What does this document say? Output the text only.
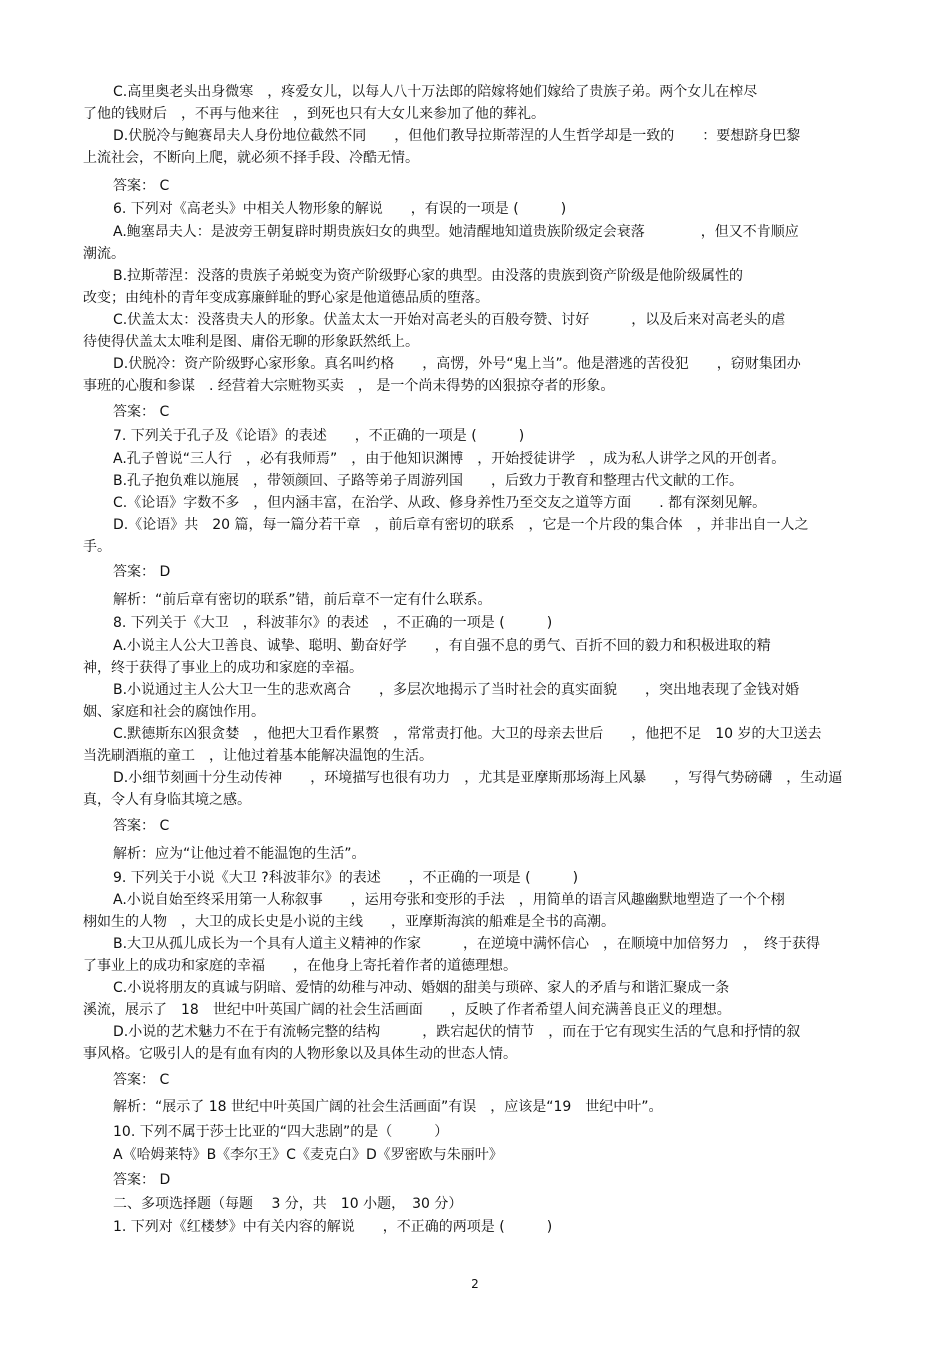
C.高里奥老头出身微寒　，疼爱女儿，以每人八十万法郎的陪嫁将她们嫁给了贵族子弟。两个女儿在榨尽
了他的钱财后　，不再与他来往　，到死也只有大女儿来参加了他的葬礼。
D.伏脱冷与鲍赛昂夫人身份地位截然不同　　，但他们教导拉斯蒂涅的人生哲学却是一致的　　：要想跻身巴黎
上流社会，不断向上爬，就必须不择手段、冷酷无情。
答案： C
6. 下列对《高老头》中相关人物形象的解说　　，有误的一项是 (　　　)
A.鲍塞昂夫人：是波旁王朝复辟时期贵族妇女的典型。她清醒地知道贵族阶级定会衰落　　　　，但又不肯顺应
潮流。
B.拉斯蒂涅：没落的贵族子弟蜕变为资产阶级野心家的典型。由没落的贵族到资产阶级是他阶级属性的
改变；由纯朴的青年变成寡廉鲜耻的野心家是他道德品质的堕落。
C.伏盖太太：没落贵夫人的形象。伏盖太太一开始对高老头的百般夸赞、讨好　　　，以及后来对高老头的虐
待使得伏盖太太唯利是图、庸俗无聊的形象跃然纸上。
D.伏脱冷：资产阶级野心家形象。真名叫约格　　，高愣，外号“鬼上当”。他是潜逃的苦役犯　　，窃财集团办
事班的心腹和参谋　. 经营着大宗赃物买卖　， 是一个尚未得势的凶狠掠夺者的形象。
答案： C
7. 下列关于孔子及《论语》的表述　　，不正确的一项是 (　　　)
A.孔子曾说“三人行　，必有我师焉”　，由于他知识渊博　，开始授徒讲学　，成为私人讲学之风的开创者。
B.孔子抱负难以施展　，带领颜回、子路等弟子周游列国　　，后致力于教育和整理古代文献的工作。
C.《论语》字数不多　，但内涵丰富，在治学、从政、修身养性乃至交友之道等方面　　. 都有深刻见解。
D.《论语》共　20 篇，每一篇分若干章　，前后章有密切的联系　，它是一个片段的集合体　，并非出自一人之
手。
答案： D
解析：“前后章有密切的联系”错，前后章不一定有什么联系。
8. 下列关于《大卫　，科波菲尔》的表述　，不正确的一项是 (　　　)
A.小说主人公大卫善良、诚挚、聪明、勤奋好学　　，有自强不息的勇气、百折不回的毅力和积极进取的精
神，终于获得了事业上的成功和家庭的幸福。
B.小说通过主人公大卫一生的悲欢离合　　，多层次地揭示了当时社会的真实面貌　　，突出地表现了金钱对婚
姻、家庭和社会的腐蚀作用。
C.默德斯东凶狠贪婪　，他把大卫看作累赘　，常常责打他。大卫的母亲去世后　　，他把不足　10 岁的大卫送去
当洗刷酒瓶的童工　，让他过着基本能解决温饱的生活。
D.小细节刻画十分生动传神　　，环境描写也很有功力　，尤其是亚摩斯那场海上风暴　　，写得气势磅礴　，生动逼
真，令人有身临其境之感。
答案： C
解析：应为“让他过着不能温饱的生活”。
9. 下列关于小说《大卫 ?科波菲尔》的表述　　，不正确的一项是 (　　　)
A.小说自始至终采用第一人称叙事　　，运用夸张和变形的手法　，用简单的语言风趣幽默地塑造了一个个栩
栩如生的人物　，大卫的成长史是小说的主线　　，亚摩斯海滨的船难是全书的高潮。
B.大卫从孤儿成长为一个具有人道主义精神的作家　　　，在逆境中满怀信心　，在顺境中加倍努力　，　终于获得
了事业上的成功和家庭的幸福　　，在他身上寄托着作者的道德理想。
C.小说将朋友的真诚与阴暗、爱情的幼稚与冲动、婚姻的甜美与琐碎、家人的矛盾与和谐汇聚成一条
溪流，展示了　18　世纪中叶英国广阔的社会生活画面　　，反映了作者希望人间充满善良正义的理想。
D.小说的艺术魅力不在于有流畅完整的结构　　　，跌宕起伏的情节　，而在于它有现实生活的气息和抒情的叙
事风格。它吸引人的是有血有肉的人物形象以及具体生动的世态人情。
答案： C
解析：“展示了 18 世纪中叶英国广阔的社会生活画面”有误　，应该是“19　世纪中叶”。
10. 下列不属于莎士比亚的“四大悲剧”的是（　　　）
A《哈姆莱特》B《李尔王》C《麦克白》D《罗密欧与朱丽叶》
答案： D
二、多项选择题（每题　 3 分，共　10 小题，　30 分）
1. 下列对《红楼梦》中有关内容的解说　　，不正确的两项是 (　　　)
2
